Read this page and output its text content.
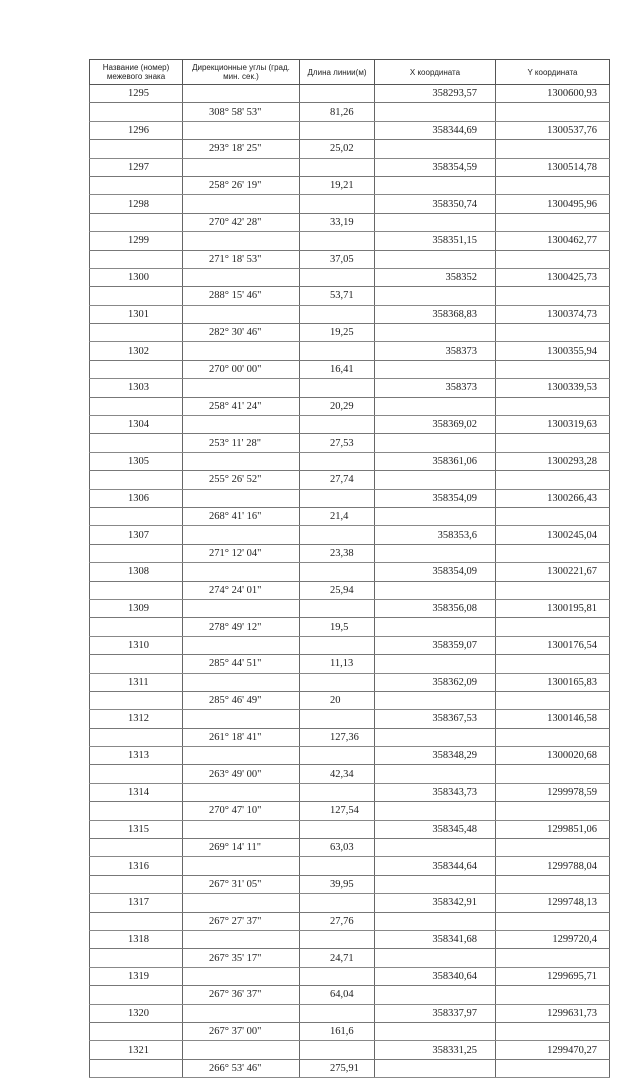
Название (номер) межевого знака	Дирекционные углы (град. мин. сек.)	Длина линии(м)	Х координата	Y координата
1295			358293,57	1300600,93
	308° 58' 53"	81,26		
1296			358344,69	1300537,76
	293° 18' 25"	25,02		
1297			358354,59	1300514,78
	258° 26' 19"	19,21		
1298			358350,74	1300495,96
	270° 42' 28"	33,19		
1299			358351,15	1300462,77
	271° 18' 53"	37,05		
1300			358352	1300425,73
	288° 15' 46"	53,71		
1301			358368,83	1300374,73
	282° 30' 46"	19,25		
1302			358373	1300355,94
	270° 00' 00"	16,41		
1303			358373	1300339,53
	258° 41' 24"	20,29		
1304			358369,02	1300319,63
	253° 11' 28"	27,53		
1305			358361,06	1300293,28
	255° 26' 52"	27,74		
1306			358354,09	1300266,43
	268° 41' 16"	21,4		
1307			358353,6	1300245,04
	271° 12' 04"	23,38		
1308			358354,09	1300221,67
	274° 24' 01"	25,94		
1309			358356,08	1300195,81
	278° 49' 12"	19,5		
1310			358359,07	1300176,54
	285° 44' 51"	11,13		
1311			358362,09	1300165,83
	285° 46' 49"	20		
1312			358367,53	1300146,58
	261° 18' 41"	127,36		
1313			358348,29	1300020,68
	263° 49' 00"	42,34		
1314			358343,73	1299978,59
	270° 47' 10"	127,54		
1315			358345,48	1299851,06
	269° 14' 11"	63,03		
1316			358344,64	1299788,04
	267° 31' 05"	39,95		
1317			358342,91	1299748,13
	267° 27' 37"	27,76		
1318			358341,68	1299720,4
	267° 35' 17"	24,71		
1319			358340,64	1299695,71
	267° 36' 37"	64,04		
1320			358337,97	1299631,73
	267° 37' 00"	161,6		
1321			358331,25	1299470,27
	266° 53' 46"	275,91		
